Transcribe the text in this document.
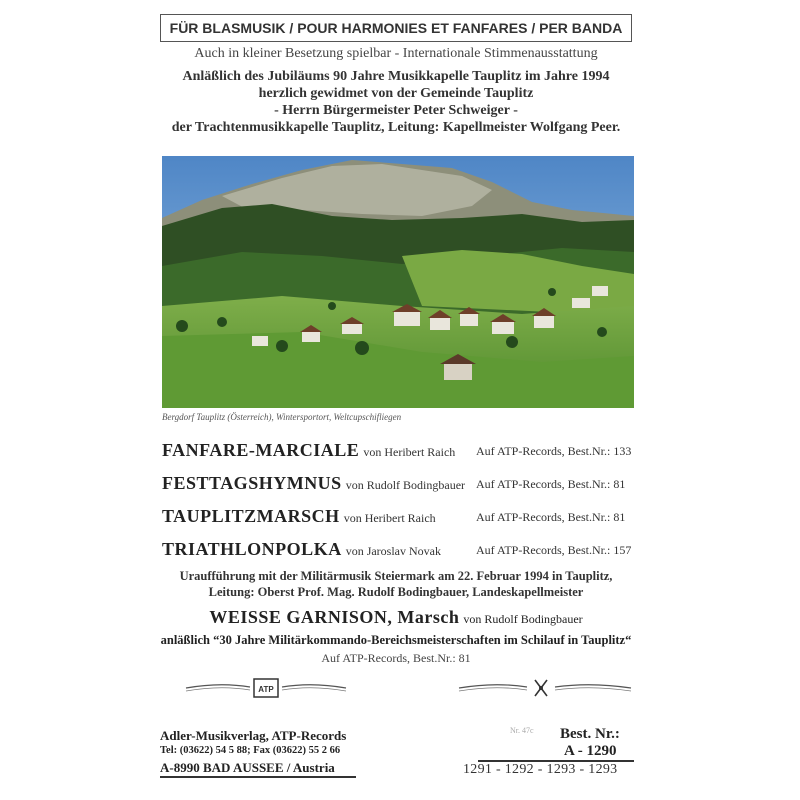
FÜR BLASMUSIK / POUR HARMONIES ET FANFARES / PER BANDA
Auch in kleiner Besetzung spielbar - Internationale Stimmenausstattung
Anläßlich des Jubiläums 90 Jahre Musikkapelle Tauplitz im Jahre 1994
herzlich gewidmet von der Gemeinde Tauplitz
- Herrn Bürgermeister Peter Schweiger -
der Trachtenmusikkapelle Tauplitz, Leitung: Kapellmeister Wolfgang Peer.
Bergdorf Tauplitz (Österreich), Wintersportort, Weltcupschifliegen
FANFARE-MARCIALE von Heribert Raich Auf ATP-Records, Best.Nr.: 133
FESTTAGSHYMNUS von Rudolf Bodingbauer Auf ATP-Records, Best.Nr.: 81
TAUPLITZMARSCH von Heribert Raich	Auf ATP-Records, Best.Nr.: 81
TRIATHLONPOLKA von Jaroslav Novak	Auf ATP-Records, Best.Nr.: 157
Uraufführung mit der Militärmusik Steiermark am 22. Februar 1994 in Tauplitz,
Leitung: Oberst Prof. Mag. Rudolf Bodingbauer, Landeskapellmeister
WEISSE GARNISON, Marsch von Rudolf Bodingbauer
anläßlich “30 Jahre Militärkommando-Bereichsmeisterschaften im Schilauf in Tauplitz“
Auf ATP-Records, Best.Nr.: 81
ATP
Nr. 47c
Adler-Musikverlag, ATP-Records
Tel: (03622) 54 5 88; Fax (03622) 55 2 66
A-8990 BAD AUSSEE / Austria
Best. Nr.:
A - 1290
1291 - 1292 - 1293 - 1293
